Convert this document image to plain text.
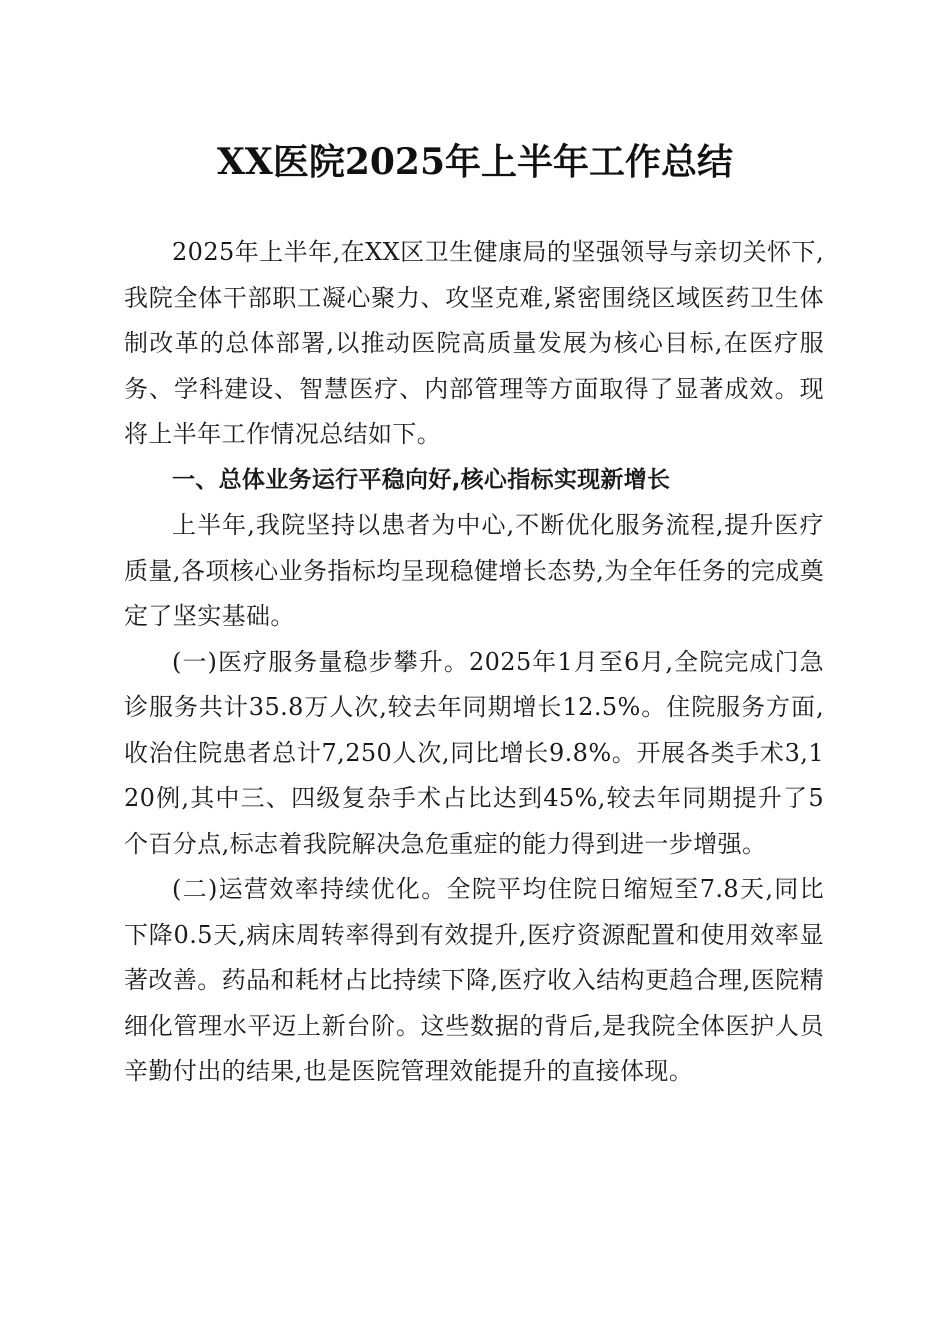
XX医院2025年上半年工作总结

2025年上半年,在XX区卫生健康局的坚强领导与亲切关怀下,我院全体干部职工凝心聚力、攻坚克难,紧密围绕区域医药卫生体制改革的总体部署,以推动医院高质量发展为核心目标,在医疗服务、学科建设、智慧医疗、内部管理等方面取得了显著成效。现将上半年工作情况总结如下。

一、总体业务运行平稳向好,核心指标实现新增长

上半年,我院坚持以患者为中心,不断优化服务流程,提升医疗质量,各项核心业务指标均呈现稳健增长态势,为全年任务的完成奠定了坚实基础。

(一)医疗服务量稳步攀升。2025年1月至6月,全院完成门急诊服务共计35.8万人次,较去年同期增长12.5%。住院服务方面,收治住院患者总计7,250人次,同比增长9.8%。开展各类手术3,120例,其中三、四级复杂手术占比达到45%,较去年同期提升了5个百分点,标志着我院解决急危重症的能力得到进一步增强。

(二)运营效率持续优化。全院平均住院日缩短至7.8天,同比下降0.5天,病床周转率得到有效提升,医疗资源配置和使用效率显著改善。药品和耗材占比持续下降,医疗收入结构更趋合理,医院精细化管理水平迈上新台阶。这些数据的背后,是我院全体医护人员辛勤付出的结果,也是医院管理效能提升的直接体现。
